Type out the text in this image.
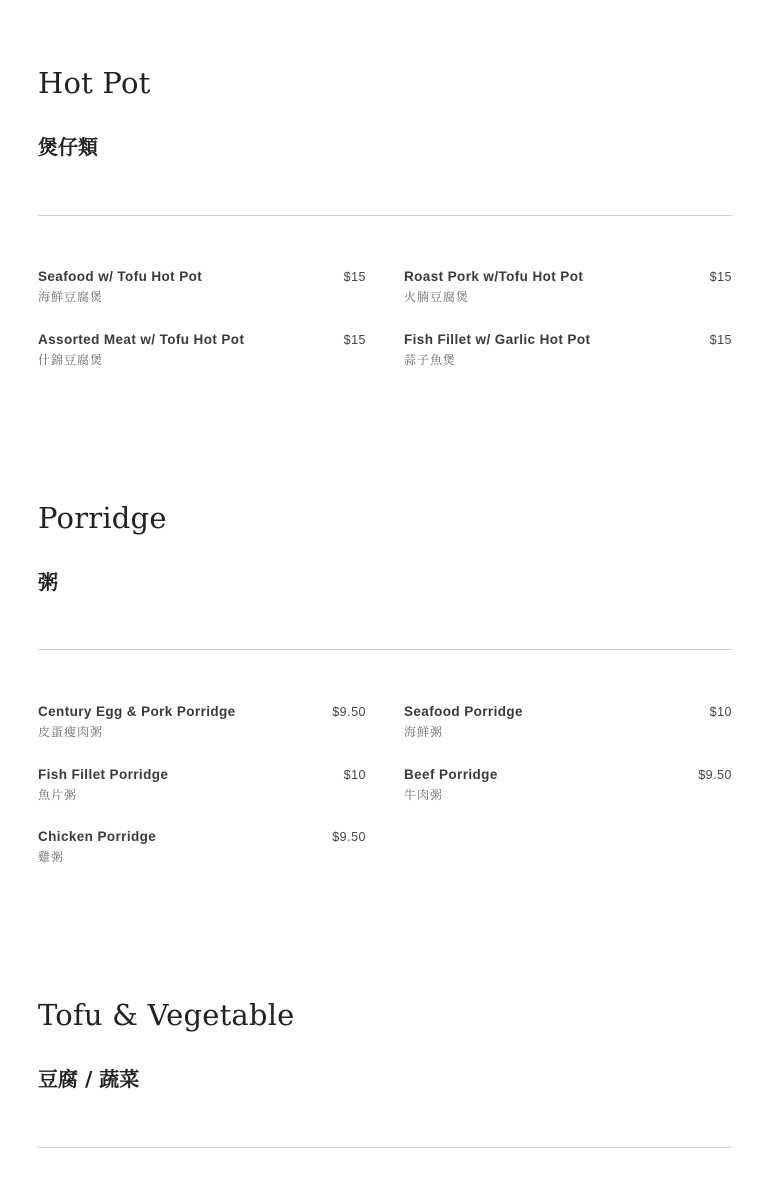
Hot Pot
煲仔類
Seafood w/ Tofu Hot Pot	$15
海鮮豆腐煲
Roast Pork w/Tofu Hot Pot	$15
火腩豆腐煲
Assorted Meat w/ Tofu Hot Pot	$15
什錦豆腐煲
Fish Fillet w/ Garlic Hot Pot	$15
蒜子魚煲
Porridge
粥
Century Egg & Pork Porridge	$9.50
皮蛋瘦肉粥
Seafood Porridge	$10
海鮮粥
Fish Fillet Porridge	$10
魚片粥
Beef Porridge	$9.50
牛肉粥
Chicken Porridge	$9.50
雞粥
Tofu & Vegetable
豆腐 / 蔬菜
